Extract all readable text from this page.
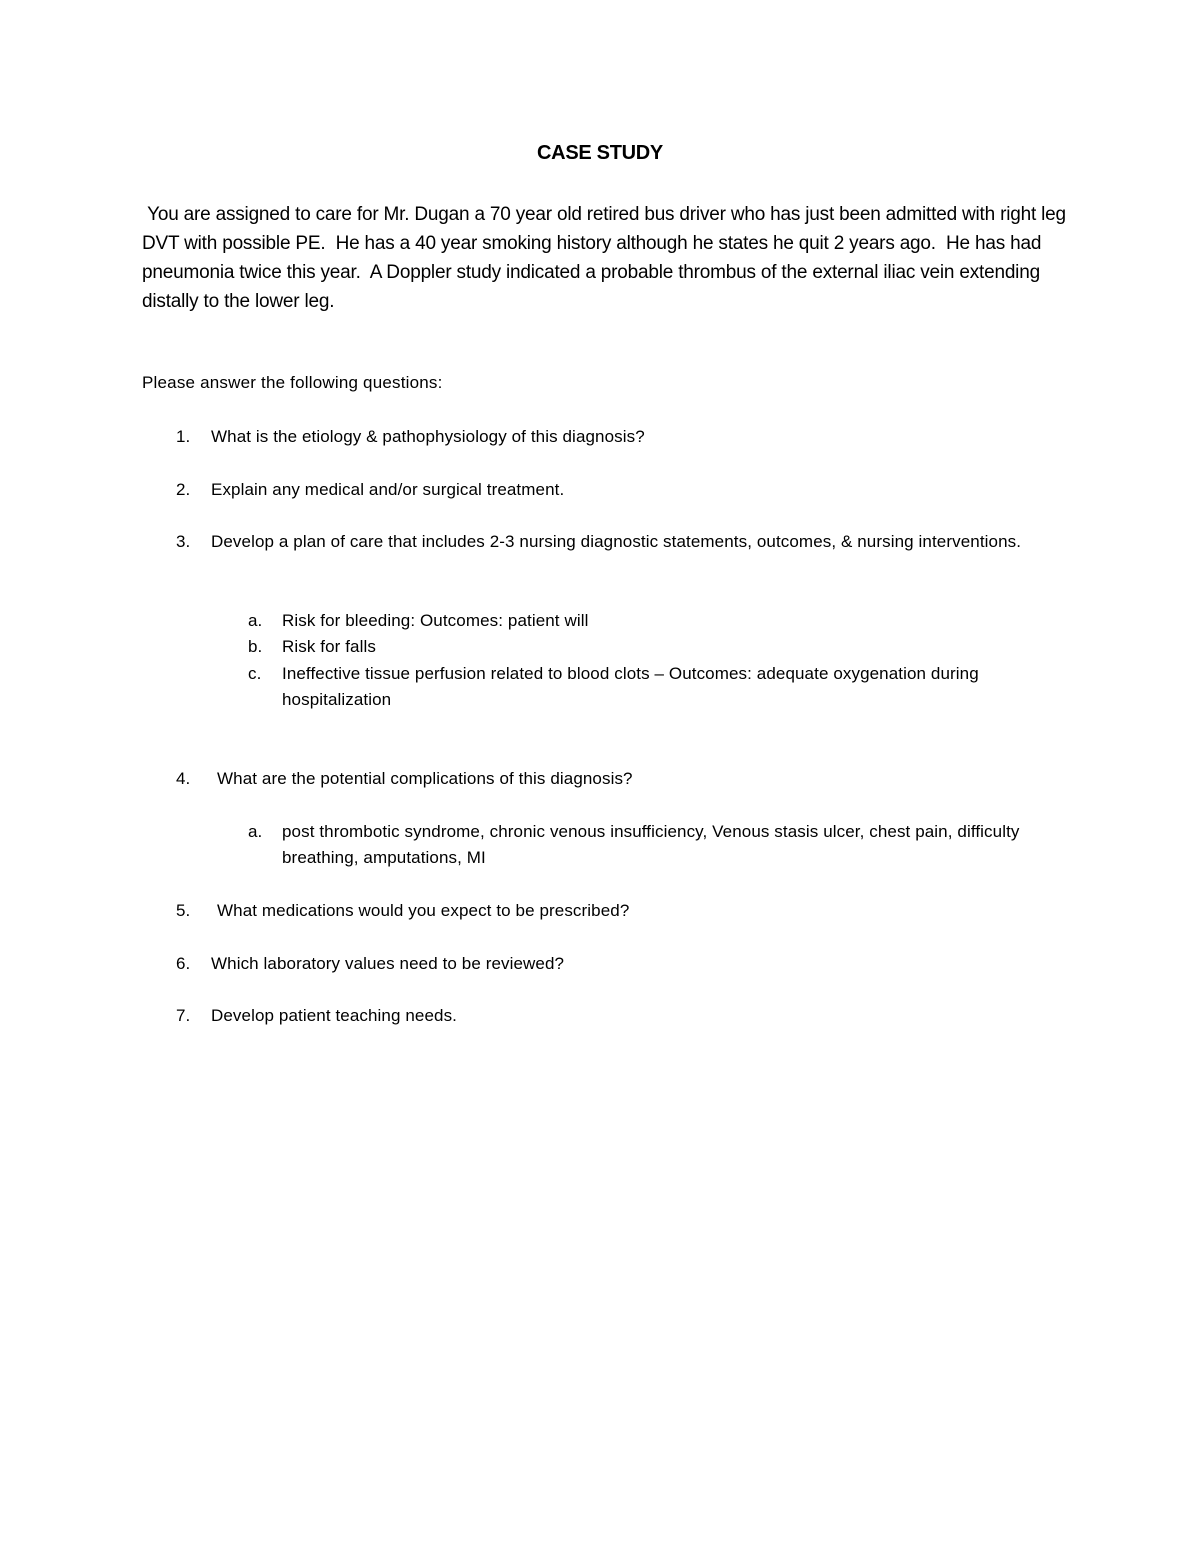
CASE STUDY
You are assigned to care for Mr. Dugan a 70 year old retired bus driver who has just been admitted with right leg DVT with possible PE.  He has a 40 year smoking history although he states he quit 2 years ago.  He has had pneumonia twice this year.  A Doppler study indicated a probable thrombus of the external iliac vein extending distally to the lower leg.
Please answer the following questions:
1. What is the etiology & pathophysiology of this diagnosis?
2. Explain any medical and/or surgical treatment.
3. Develop a plan of care that includes 2-3 nursing diagnostic statements, outcomes, & nursing interventions.
a. Risk for bleeding: Outcomes: patient will
b. Risk for falls
c. Ineffective tissue perfusion related to blood clots – Outcomes: adequate oxygenation during hospitalization
4. What are the potential complications of this diagnosis?
a. post thrombotic syndrome, chronic venous insufficiency, Venous stasis ulcer, chest pain, difficulty breathing, amputations, MI
5. What medications would you expect to be prescribed?
6. Which laboratory values need to be reviewed?
7. Develop patient teaching needs.
